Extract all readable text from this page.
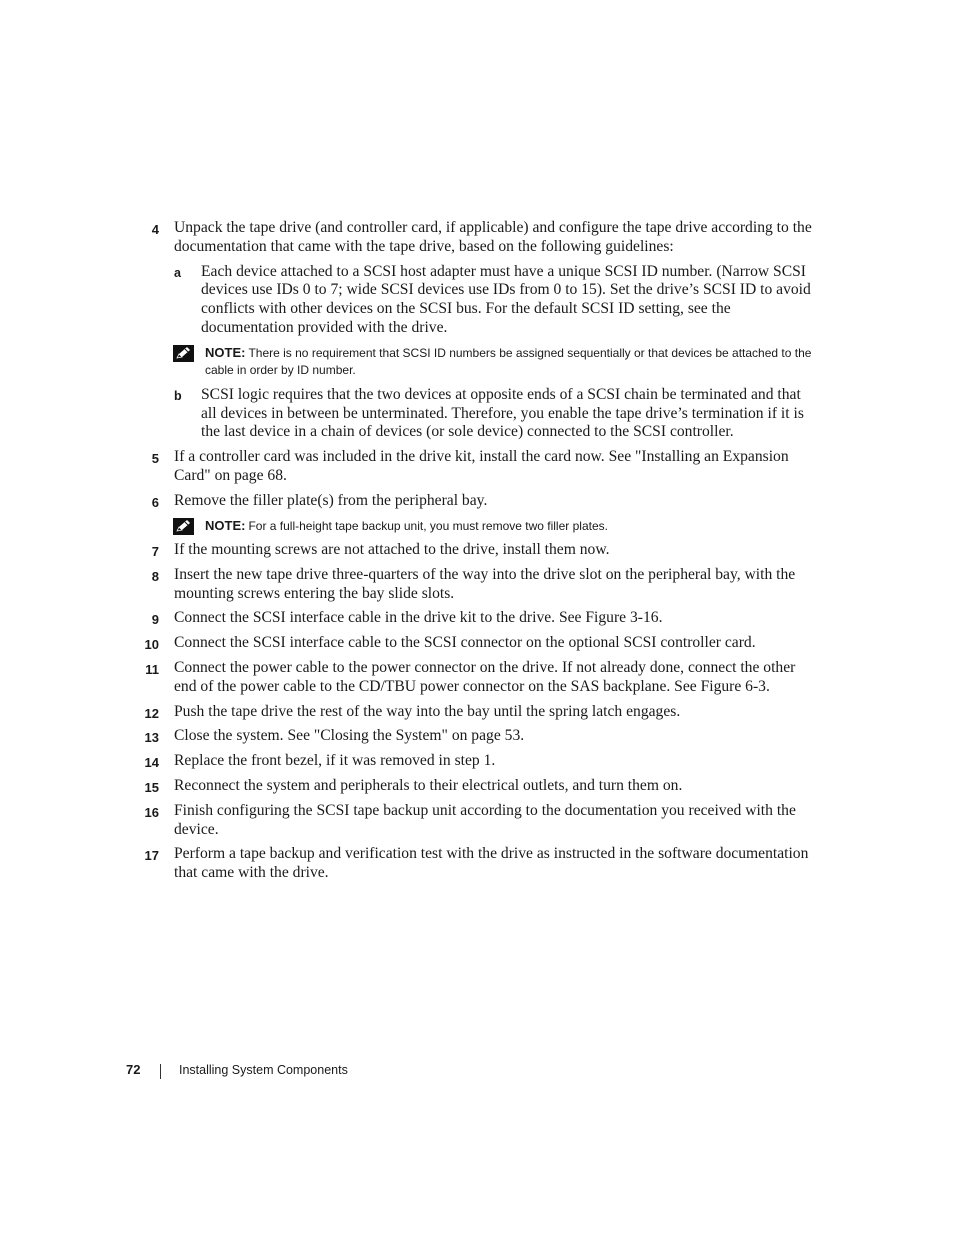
4 Unpack the tape drive (and controller card, if applicable) and configure the tape drive according to the documentation that came with the tape drive, based on the following guidelines:
a Each device attached to a SCSI host adapter must have a unique SCSI ID number. (Narrow SCSI devices use IDs 0 to 7; wide SCSI devices use IDs from 0 to 15). Set the drive’s SCSI ID to avoid conflicts with other devices on the SCSI bus. For the default SCSI ID setting, see the documentation provided with the drive.
NOTE: There is no requirement that SCSI ID numbers be assigned sequentially or that devices be attached to the cable in order by ID number.
b SCSI logic requires that the two devices at opposite ends of a SCSI chain be terminated and that all devices in between be unterminated. Therefore, you enable the tape drive’s termination if it is the last device in a chain of devices (or sole device) connected to the SCSI controller.
5 If a controller card was included in the drive kit, install the card now. See "Installing an Expansion Card" on page 68.
6 Remove the filler plate(s) from the peripheral bay.
NOTE: For a full-height tape backup unit, you must remove two filler plates.
7 If the mounting screws are not attached to the drive, install them now.
8 Insert the new tape drive three-quarters of the way into the drive slot on the peripheral bay, with the mounting screws entering the bay slide slots.
9 Connect the SCSI interface cable in the drive kit to the drive. See Figure 3-16.
10 Connect the SCSI interface cable to the SCSI connector on the optional SCSI controller card.
11 Connect the power cable to the power connector on the drive. If not already done, connect the other end of the power cable to the CD/TBU power connector on the SAS backplane. See Figure 6-3.
12 Push the tape drive the rest of the way into the bay until the spring latch engages.
13 Close the system. See "Closing the System" on page 53.
14 Replace the front bezel, if it was removed in step 1.
15 Reconnect the system and peripherals to their electrical outlets, and turn them on.
16 Finish configuring the SCSI tape backup unit according to the documentation you received with the device.
17 Perform a tape backup and verification test with the drive as instructed in the software documentation that came with the drive.
72	Installing System Components
